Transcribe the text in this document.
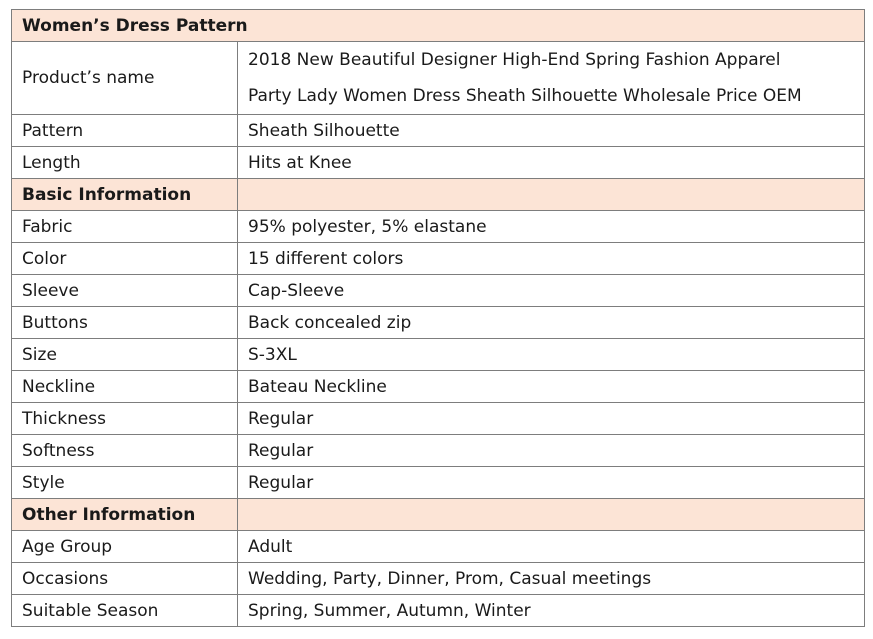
Women’s Dress Pattern	
Product’s name	2018 New Beautiful Designer High-End Spring Fashion Apparel
Party Lady Women Dress Sheath Silhouette Wholesale Price OEM

Pattern	Sheath Silhouette
Length	Hits at Knee
Basic Information	
Fabric	95% polyester, 5% elastane
Color	15 different colors
Sleeve	Cap-Sleeve
Buttons	Back concealed zip
Size	S-3XL
Neckline	Bateau Neckline
Thickness	Regular
Softness	Regular
Style	Regular
Other Information	
Age Group	Adult
Occasions	Wedding, Party, Dinner, Prom, Casual meetings
Suitable Season	Spring, Summer, Autumn, Winter
